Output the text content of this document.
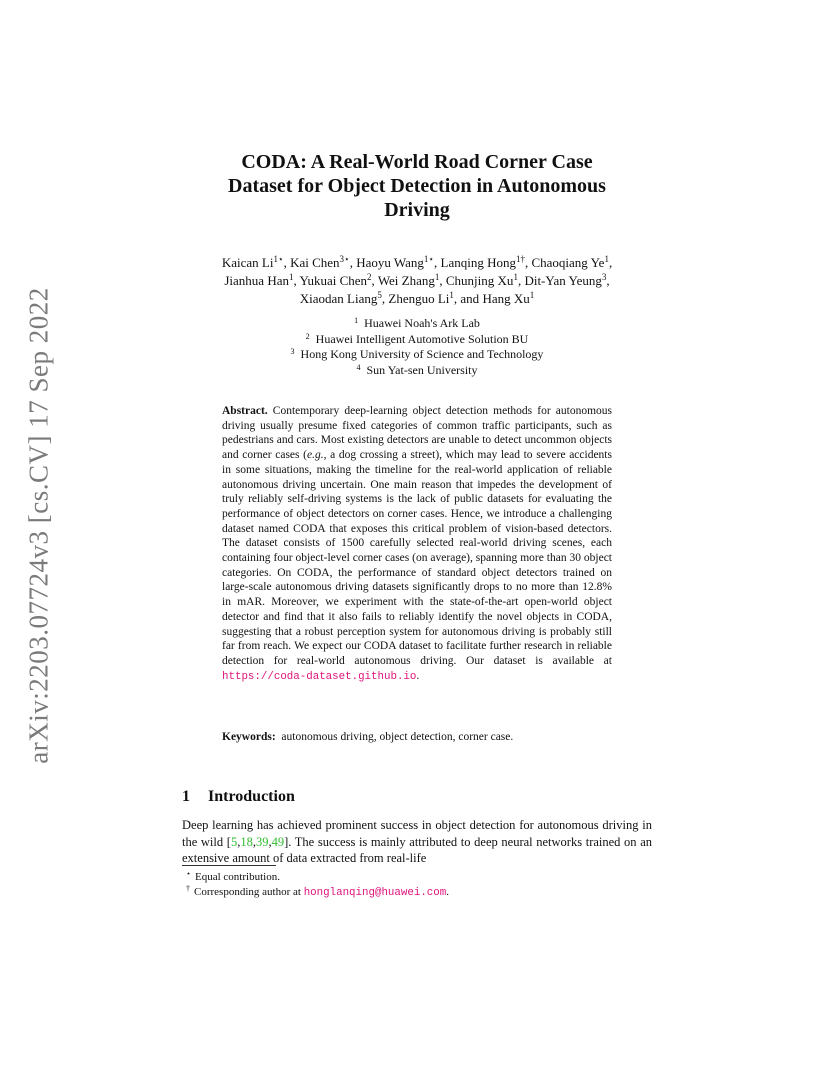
arXiv:2203.07724v3 [cs.CV] 17 Sep 2022
CODA: A Real-World Road Corner Case
Dataset for Object Detection in Autonomous
Driving
Kaican $Li^{1⋆}$, Kai Chen$^{3⋆}$, Haoyu Wang$^{1⋆}$, Lanqing Hong$^{1\dagger}$, Chaoqiang Ye$^1$,
Jianhua Han$^1$, Yukuai Chen$^2$, Wei Zhang$^1$, Chunjing Xu$^1$, Dit-Yan Yeung$^3$,
Xiaodan Liang$^5$, Zhenguo Li$^1$, and Hang Xu$^1$
$^1$ Huawei Noah's Ark Lab
$^2$ Huawei Intelligent Automotive Solution BU
$^3$ Hong Kong University of Science and Technology
$^4$ Sun Yat-sen University
Abstract. Contemporary deep-learning object detection methods for autonomous driving usually presume fixed categories of common traffic participants, such as pedestrians and cars. Most existing detectors are unable to detect uncommon objects and corner cases (e.g., a dog crossing a street), which may lead to severe accidents in some situations, making the timeline for the real-world application of reliable autonomous driving uncertain. One main reason that impedes the development of truly reliably self-driving systems is the lack of public datasets for evaluating the performance of object detectors on corner cases. Hence, we introduce a challenging dataset named CODA that exposes this critical problem of vision-based detectors. The dataset consists of 1500 carefully selected real-world driving scenes, each containing four object-level corner cases (on average), spanning more than 30 object categories. On CODA, the performance of standard object detectors trained on large-scale autonomous driving datasets significantly drops to no more than 12.8% in mAR. Moreover, we experiment with the state-of-the-art open-world object detector and find that it also fails to reliably identify the novel objects in CODA, suggesting that a robust perception system for autonomous driving is probably still far from reach. We expect our CODA dataset to facilitate further research in reliable detection for real-world autonomous driving. Our dataset is available at https://coda-dataset.github.io.
Keywords: autonomous driving, object detection, corner case.
1 Introduction
Deep learning has achieved prominent success in object detection for autonomous driving in the wild [5,18,39,49]. The success is mainly attributed to deep neural networks trained on an extensive amount of data extracted from real-life
⋆ Equal contribution.
† Corresponding author at honglanqing@huawei.com.
